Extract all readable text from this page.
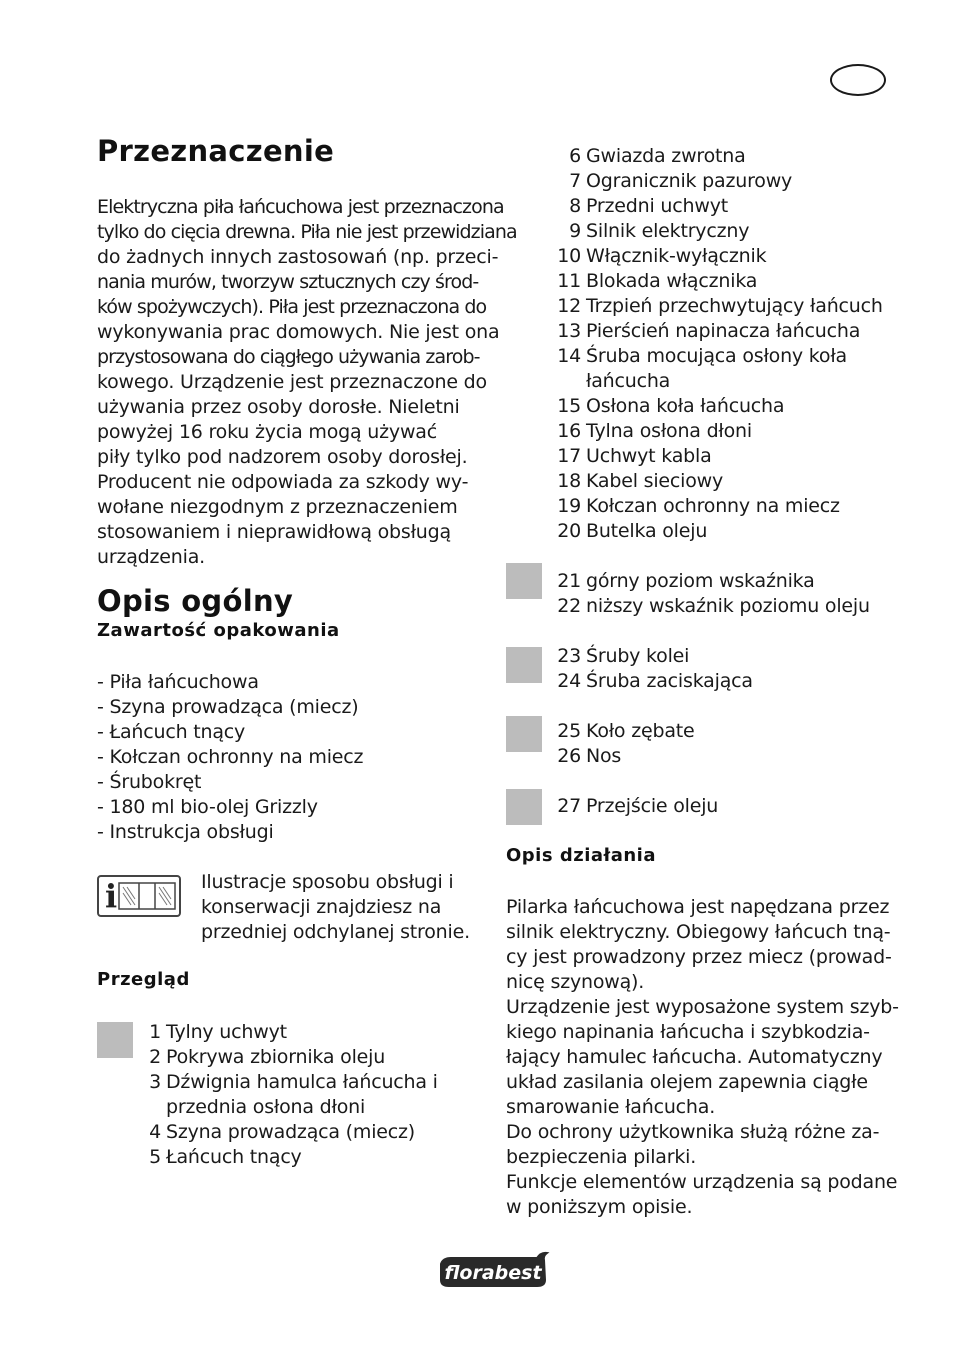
Przeznaczenie
Elektryczna piła łańcuchowa jest przeznaczona
tylko do cięcia drewna. Piła nie jest przewidziana
do żadnych innych zastosowań (np. przeci-
nania murów, tworzyw sztucznych czy środ-
ków spożywczych). Piła jest przeznaczona do
wykonywania prac domowych. Nie jest ona
przystosowana do ciągłego używania zarob-
kowego. Urządzenie jest przeznaczone do
używania przez osoby dorosłe. Nieletni
powyżej 16 roku życia mogą używać
piły tylko pod nadzorem osoby dorosłej.
Producent nie odpowiada za szkody wy-
wołane niezgodnym z przeznaczeniem
stosowaniem i nieprawidłową obsługą
urządzenia.
Opis ogólny
Zawartość opakowania
- Piła łańcuchowa
- Szyna prowadząca (miecz)
- Łańcuch tnący
- Kołczan ochronny na miecz
- Śrubokręt
- 180 ml bio-olej Grizzly
- Instrukcja obsługi
i	Ilustracje sposobu obsługi i
konserwacji znajdziesz na
przedniej odchylanej stronie.
Przegląd
1 Tylny uchwyt
2 Pokrywa zbiornika oleju
3 Dźwignia hamulca łańcucha i
przednia osłona dłoni
4 Szyna prowadząca (miecz)
5 Łańcuch tnący
6 Gwiazda zwrotna
7 Ogranicznik pazurowy
8 Przedni uchwyt
9 Silnik elektryczny
10 Włącznik-wyłącznik
11 Blokada włącznika
12 Trzpień przechwytujący łańcuch
13 Pierścień napinacza łańcucha
14 Śruba mocująca osłony koła
łańcucha
15 Osłona koła łańcucha
16 Tylna osłona dłoni
17 Uchwyt kabla
18 Kabel sieciowy
19 Kołczan ochronny na miecz
20 Butelka oleju
21 górny poziom wskaźnika
22 niższy wskaźnik poziomu oleju
23 Śruby kolei
24 Śruba zaciskająca
25 Koło zębate
26 Nos
27 Przejście oleju
Opis działania
Pilarka łańcuchowa jest napędzana przez
silnik elektryczny. Obiegowy łańcuch tną-
cy jest prowadzony przez miecz (prowad-
nicę szynową).
Urządzenie jest wyposażone system szyb-
kiego napinania łańcucha i szybkodzia-
łający hamulec łańcucha. Automatyczny
układ zasilania olejem zapewnia ciągłe
smarowanie łańcucha.
Do ochrony użytkownika służą różne za-
bezpieczenia pilarki.
Funkcje elementów urządzenia są podane
w poniższym opisie.
florabest
